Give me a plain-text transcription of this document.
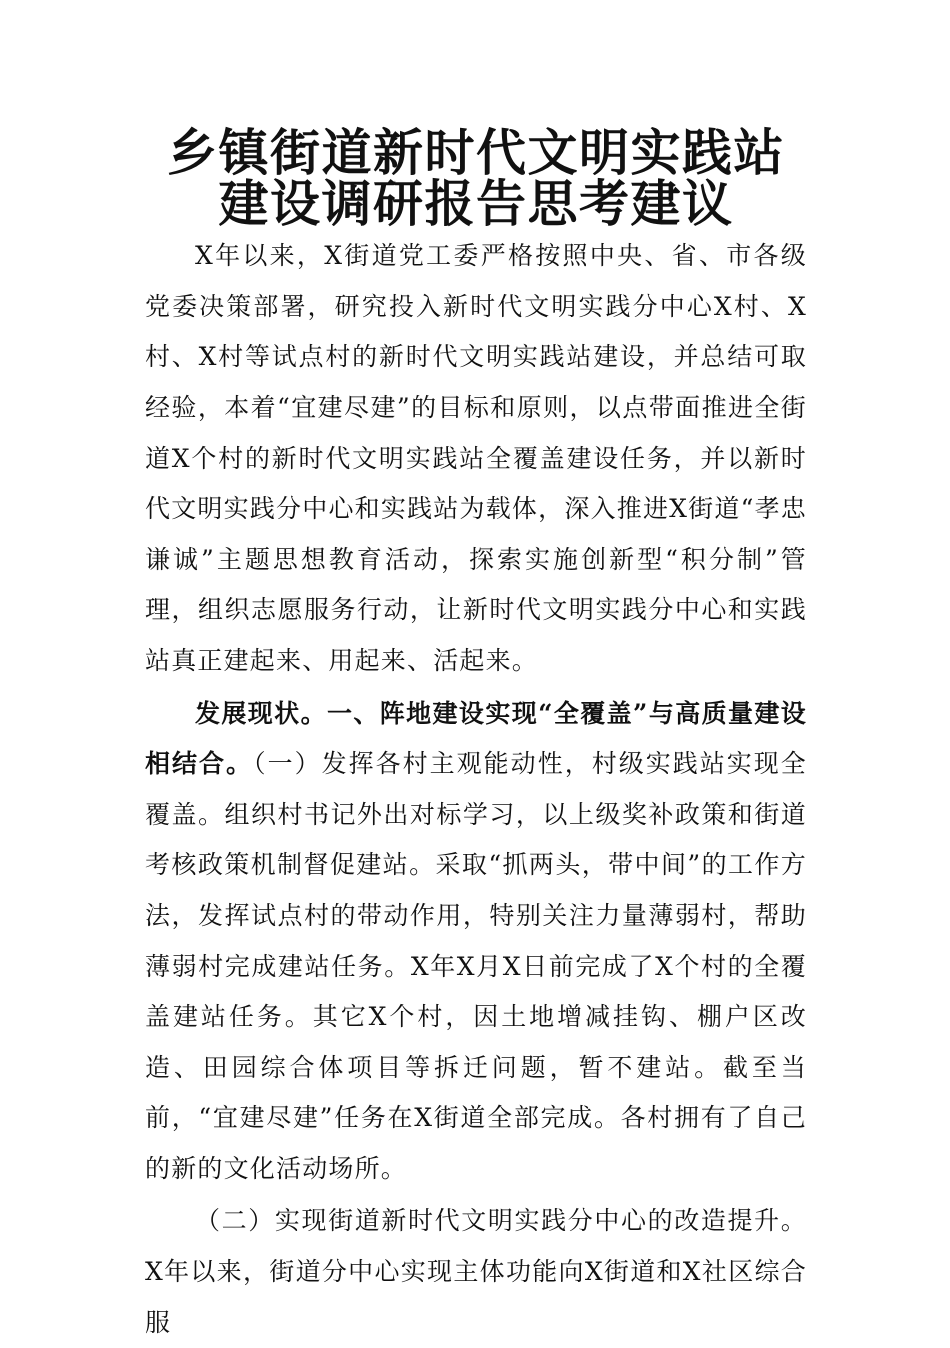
乡镇街道新时代文明实践站建设调研报告思考建议

X年以来，X街道党工委严格按照中央、省、市各级党委决策部署，研究投入新时代文明实践分中心X村、X村、X村等试点村的新时代文明实践站建设，并总结可取经验，本着“宜建尽建”的目标和原则，以点带面推进全街道X个村的新时代文明实践站全覆盖建设任务，并以新时代文明实践分中心和实践站为载体，深入推进X街道“孝忠谦诚”主题思想教育活动，探索实施创新型“积分制”管理，组织志愿服务行动，让新时代文明实践分中心和实践站真正建起来、用起来、活起来。

发展现状。一、阵地建设实现“全覆盖”与高质量建设相结合。（一）发挥各村主观能动性，村级实践站实现全覆盖。组织村书记外出对标学习，以上级奖补政策和街道考核政策机制督促建站。采取“抓两头，带中间”的工作方法，发挥试点村的带动作用，特别关注力量薄弱村，帮助薄弱村完成建站任务。X年X月X日前完成了X个村的全覆盖建站任务。其它X个村，因土地增减挂钩、棚户区改造、田园综合体项目等拆迁问题，暂不建站。截至当前，“宜建尽建”任务在X街道全部完成。各村拥有了自己的新的文化活动场所。

（二）实现街道新时代文明实践分中心的改造提升。X年以来，街道分中心实现主体功能向X街道和X社区综合服
